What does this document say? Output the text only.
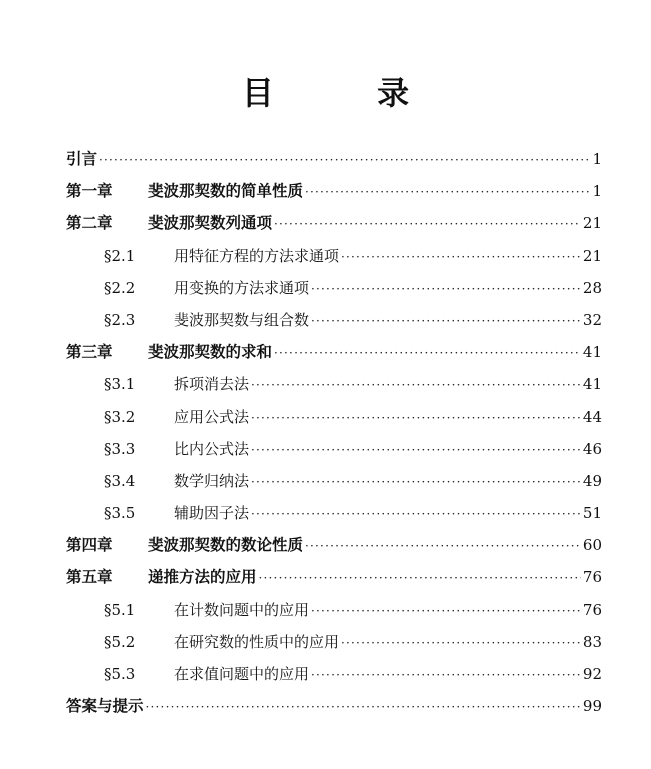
目 录
引言 ·····	1
第一章 斐波那契数的简单性质 ·····	1
第二章 斐波那契数列通项 ·····	21
§2.1	用特征方程的方法求通项 ·····	21
§2.2	用变换的方法求通项 ·····	28
§2.3	斐波那契数与组合数 ·····	32
第三章 斐波那契数的求和 ·····	41
§3.1	拆项消去法 ·····	41
§3.2	应用公式法 ·····	44
§3.3	比内公式法 ·····	46
§3.4	数学归纳法 ·····	49
§3.5	辅助因子法 ·····	51
第四章 斐波那契数的数论性质 ·····	60
第五章 递推方法的应用 ·····	76
§5.1	在计数问题中的应用 ·····	76
§5.2	在研究数的性质中的应用 ·····	83
§5.3	在求值问题中的应用 ·····	92
答案与提示 ·····	99
